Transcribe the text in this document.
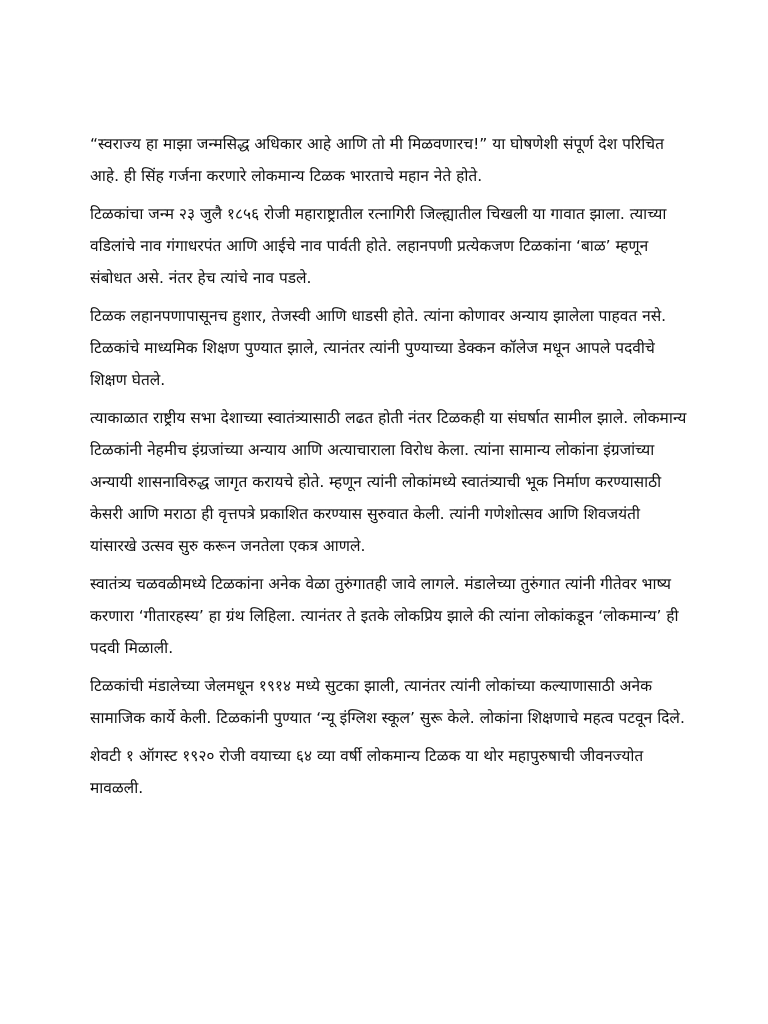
“स्वराज्य हा माझा जन्मसिद्ध अधिकार आहे आणि तो मी मिळवणारच!” या घोषणेशी संपूर्ण देश परिचित आहे. ही सिंह गर्जना करणारे लोकमान्य टिळक भारताचे महान नेते होते.

टिळकांचा जन्म २३ जुलै १८५६ रोजी महाराष्ट्रातील रत्नागिरी जिल्ह्यातील चिखली या गावात झाला. त्याच्या वडिलांचे नाव गंगाधरपंत आणि आईचे नाव पार्वती होते. लहानपणी प्रत्येकजण टिळकांना ‘बाळ’ म्हणून संबोधत असे. नंतर हेच त्यांचे नाव पडले.

टिळक लहानपणापासूनच हुशार, तेजस्वी आणि धाडसी होते. त्यांना कोणावर अन्याय झालेला पाहवत नसे. टिळकांचे माध्यमिक शिक्षण पुण्यात झाले, त्यानंतर त्यांनी पुण्याच्या डेक्कन कॉलेज मधून आपले पदवीचे शिक्षण घेतले.

त्याकाळात राष्ट्रीय सभा देशाच्या स्वातंत्र्यासाठी लढत होती नंतर टिळकही या संघर्षात सामील झाले. लोकमान्य टिळकांनी नेहमीच इंग्रजांच्या अन्याय आणि अत्याचाराला विरोध केला. त्यांना सामान्य लोकांना इंग्रजांच्या अन्यायी शासनाविरुद्ध जागृत करायचे होते. म्हणून त्यांनी लोकांमध्ये स्वातंत्र्याची भूक निर्माण करण्यासाठी केसरी आणि मराठा ही वृत्तपत्रे प्रकाशित करण्यास सुरुवात केली. त्यांनी गणेशोत्सव आणि शिवजयंती यांसारखे उत्सव सुरु करून जनतेला एकत्र आणले.

स्वातंत्र्य चळवळीमध्ये टिळकांना अनेक वेळा तुरुंगातही जावे लागले. मंडालेच्या तुरुंगात त्यांनी गीतेवर भाष्य करणारा ‘गीतारहस्य’ हा ग्रंथ लिहिला. त्यानंतर ते इतके लोकप्रिय झाले की त्यांना लोकांकडून ‘लोकमान्य’ ही पदवी मिळाली.

टिळकांची मंडालेच्या जेलमधून १९१४ मध्ये सुटका झाली, त्यानंतर त्यांनी लोकांच्या कल्याणासाठी अनेक सामाजिक कार्ये केली. टिळकांनी पुण्यात ‘न्यू इंग्लिश स्कूल’ सुरू केले. लोकांना शिक्षणाचे महत्व पटवून दिले.

शेवटी १ ऑगस्ट १९२० रोजी वयाच्या ६४ व्या वर्षी लोकमान्य टिळक या थोर महापुरुषाची जीवनज्योत मावळली.
